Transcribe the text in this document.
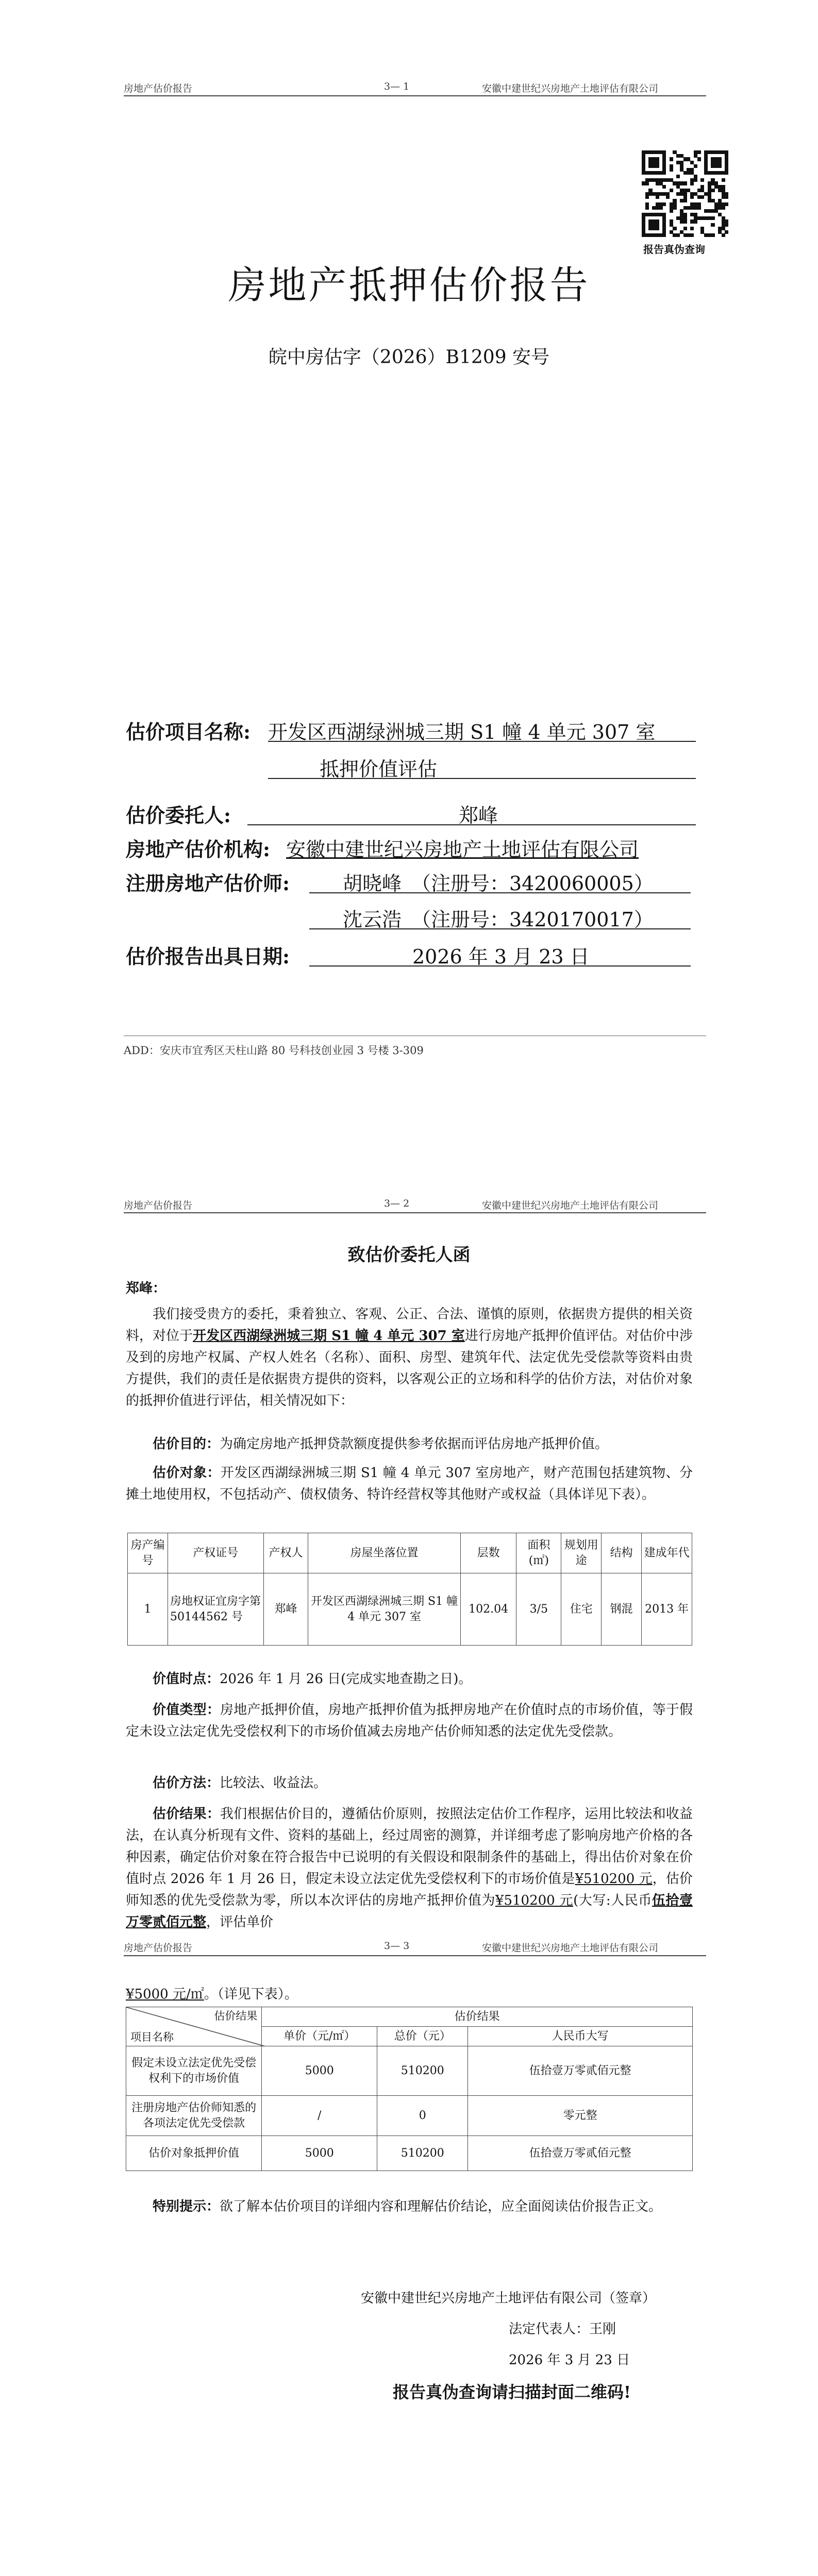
房地产估价报告	3— 1	安徽中建世纪兴房地产土地评估有限公司
报告真伪查询
房地产抵押估价报告
皖中房估字（2026）B1209 安号
估价项目名称: 开发区西湖绿洲城三期 S1 幢 4 单元 307 室
抵押价值评估
估价委托人:	郑峰
房地产估价机构: 安徽中建世纪兴房地产土地评估有限公司
注册房地产估价师:	胡晓峰　（注册号：3420060005）
沈云浩　（注册号：3420170017）
估价报告出具日期:	2026 年 3 月 23 日
ADD：安庆市宜秀区天柱山路 80 号科技创业园 3 号楼 3-309
房地产估价报告	3— 2	安徽中建世纪兴房地产土地评估有限公司
致估价委托人函
郑峰：
我们接受贵方的委托，秉着独立、客观、公正、合法、谨慎的原则，依据贵方提供的相关资料，对位于开发区西湖绿洲城三期 S1 幢 4 单元 307 室进行房地产抵押价值评估。对估价中涉及到的房地产权属、产权人姓名（名称）、面积、房型、建筑年代、法定优先受偿款等资料由贵方提供，我们的责任是依据贵方提供的资料，以客观公正的立场和科学的估价方法，对估价对象的抵押价值进行评估，相关情况如下：
估价目的：为确定房地产抵押贷款额度提供参考依据而评估房地产抵押价值。
估价对象：开发区西湖绿洲城三期 S1 幢 4 单元 307 室房地产，财产范围包括建筑物、分摊土地使用权，不包括动产、债权债务、特许经营权等其他财产或权益（具体详见下表）。
房产编号	产权证号	产权人	房屋坐落位置	层数	面积(㎡)	规划用途	结构	建成年代
1	房地权证宜房字第 50144562 号	郑峰	开发区西湖绿洲城三期 S1 幢 4 单元 307 室	102.04	3/5	住宅	钢混	2013 年
价值时点：2026 年 1 月 26 日(完成实地查勘之日)。
价值类型：房地产抵押价值，房地产抵押价值为抵押房地产在价值时点的市场价值，等于假定未设立法定优先受偿权利下的市场价值减去房地产估价师知悉的法定优先受偿款。
估价方法：比较法、收益法。
估价结果：我们根据估价目的，遵循估价原则，按照法定估价工作程序，运用比较法和收益法，在认真分析现有文件、资料的基础上，经过周密的测算，并详细考虑了影响房地产价格的各种因素，确定估价对象在符合报告中已说明的有关假设和限制条件的基础上，得出估价对象在价值时点 2026 年 1 月 26 日，假定未设立法定优先受偿权利下的市场价值是¥510200 元，估价师知悉的优先受偿款为零，所以本次评估的房地产抵押价值为¥510200 元(大写:人民币伍拾壹万零贰佰元整，评估单价
房地产估价报告	3— 3	安徽中建世纪兴房地产土地评估有限公司
¥5000 元/㎡。（详见下表）。
估价结果
项目名称	估价结果		
	单价（元/㎡）	总价（元）	人民币大写
假定未设立法定优先受偿权利下的市场价值	5000	510200	伍拾壹万零贰佰元整
注册房地产估价师知悉的各项法定优先受偿款	/	0	零元整
估价对象抵押价值	5000	510200	伍拾壹万零贰佰元整
特别提示：欲了解本估价项目的详细内容和理解估价结论，应全面阅读估价报告正文。
安徽中建世纪兴房地产土地评估有限公司（签章）
法定代表人：王刚
2026 年 3 月 23 日
报告真伪查询请扫描封面二维码!
